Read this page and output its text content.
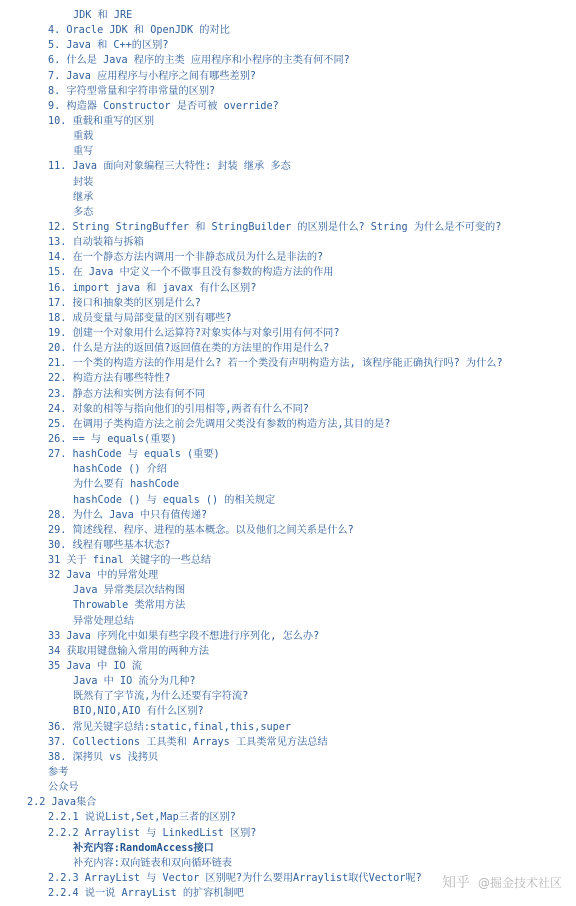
JDK 和 JRE
4. Oracle JDK 和 OpenJDK 的对比
5. Java 和 C++的区别?
6. 什么是 Java 程序的主类 应用程序和小程序的主类有何不同?
7. Java 应用程序与小程序之间有哪些差别?
8. 字符型常量和字符串常量的区别?
9. 构造器 Constructor 是否可被 override?
10. 重载和重写的区别
重载
重写
11. Java 面向对象编程三大特性: 封装 继承 多态
封装
继承
多态
12. String StringBuffer 和 StringBuilder 的区别是什么? String 为什么是不可变的?
13. 自动装箱与拆箱
14. 在一个静态方法内调用一个非静态成员为什么是非法的?
15. 在 Java 中定义一个不做事且没有参数的构造方法的作用
16. import java 和 javax 有什么区别?
17. 接口和抽象类的区别是什么?
18. 成员变量与局部变量的区别有哪些?
19. 创建一个对象用什么运算符?对象实体与对象引用有何不同?
20. 什么是方法的返回值?返回值在类的方法里的作用是什么?
21. 一个类的构造方法的作用是什么? 若一个类没有声明构造方法, 该程序能正确执行吗? 为什么?
22. 构造方法有哪些特性?
23. 静态方法和实例方法有何不同
24. 对象的相等与指向他们的引用相等,两者有什么不同?
25. 在调用子类构造方法之前会先调用父类没有参数的构造方法,其目的是?
26. == 与 equals(重要)
27. hashCode 与 equals (重要)
hashCode () 介绍
为什么要有 hashCode
hashCode () 与 equals () 的相关规定
28. 为什么 Java 中只有值传递?
29. 简述线程、程序、进程的基本概念。以及他们之间关系是什么?
30. 线程有哪些基本状态?
31 关于 final 关键字的一些总结
32 Java 中的异常处理
Java 异常类层次结构图
Throwable 类常用方法
异常处理总结
33 Java 序列化中如果有些字段不想进行序列化, 怎么办?
34 获取用键盘输入常用的两种方法
35 Java 中 IO 流
Java 中 IO 流分为几种?
既然有了字节流,为什么还要有字符流?
BIO,NIO,AIO 有什么区别?
36. 常见关键字总结:static,final,this,super
37. Collections 工具类和 Arrays 工具类常见方法总结
38. 深拷贝 vs 浅拷贝
参考
公众号
2.2 Java集合
2.2.1 说说List,Set,Map三者的区别?
2.2.2 Arraylist 与 LinkedList 区别?
补充内容:RandomAccess接口
补充内容:双向链表和双向循环链表
2.2.3 ArrayList 与 Vector 区别呢?为什么要用Arraylist取代Vector呢?
2.2.4 说一说 ArrayList 的扩容机制吧
知乎 @掘金技术社区
